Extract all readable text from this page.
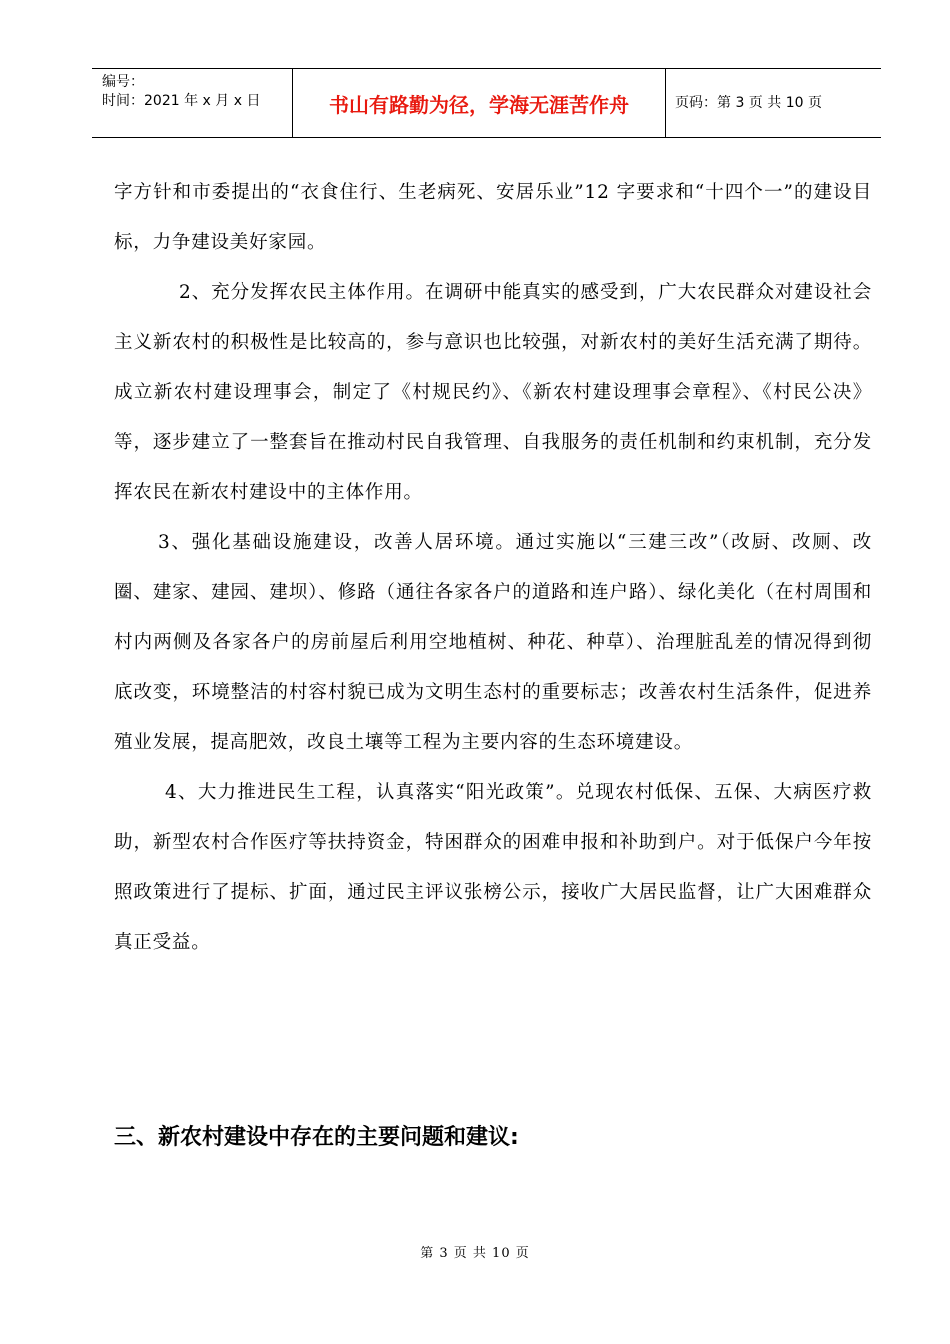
编号：
时间：2021 年 x 月 x 日	书山有路勤为径，学海无涯苦作舟	页码：第 3 页 共 10 页

字方针和市委提出的“衣食住行、生老病死、安居乐业”12 字要求和“十四个一”的建设目标，力争建设美好家园。

2、充分发挥农民主体作用。在调研中能真实的感受到，广大农民群众对建设社会主义新农村的积极性是比较高的，参与意识也比较强，对新农村的美好生活充满了期待。成立新农村建设理事会，制定了《村规民约》、《新农村建设理事会章程》、《村民公决》等，逐步建立了一整套旨在推动村民自我管理、自我服务的责任机制和约束机制，充分发挥农民在新农村建设中的主体作用。

3、强化基础设施建设，改善人居环境。通过实施以“三建三改”（改厨、改厕、改圈、建家、建园、建坝）、修路（通往各家各户的道路和连户路）、绿化美化（在村周围和村内两侧及各家各户的房前屋后利用空地植树、种花、种草）、治理脏乱差的情况得到彻底改变，环境整洁的村容村貌已成为文明生态村的重要标志；改善农村生活条件，促进养殖业发展，提高肥效，改良土壤等工程为主要内容的生态环境建设。

4、大力推进民生工程，认真落实“阳光政策”。兑现农村低保、五保、大病医疗救助，新型农村合作医疗等扶持资金，特困群众的困难申报和补助到户。对于低保户今年按照政策进行了提标、扩面，通过民主评议张榜公示，接收广大居民监督，让广大困难群众真正受益。

三、新农村建设中存在的主要问题和建议:
第 3 页 共 10 页
